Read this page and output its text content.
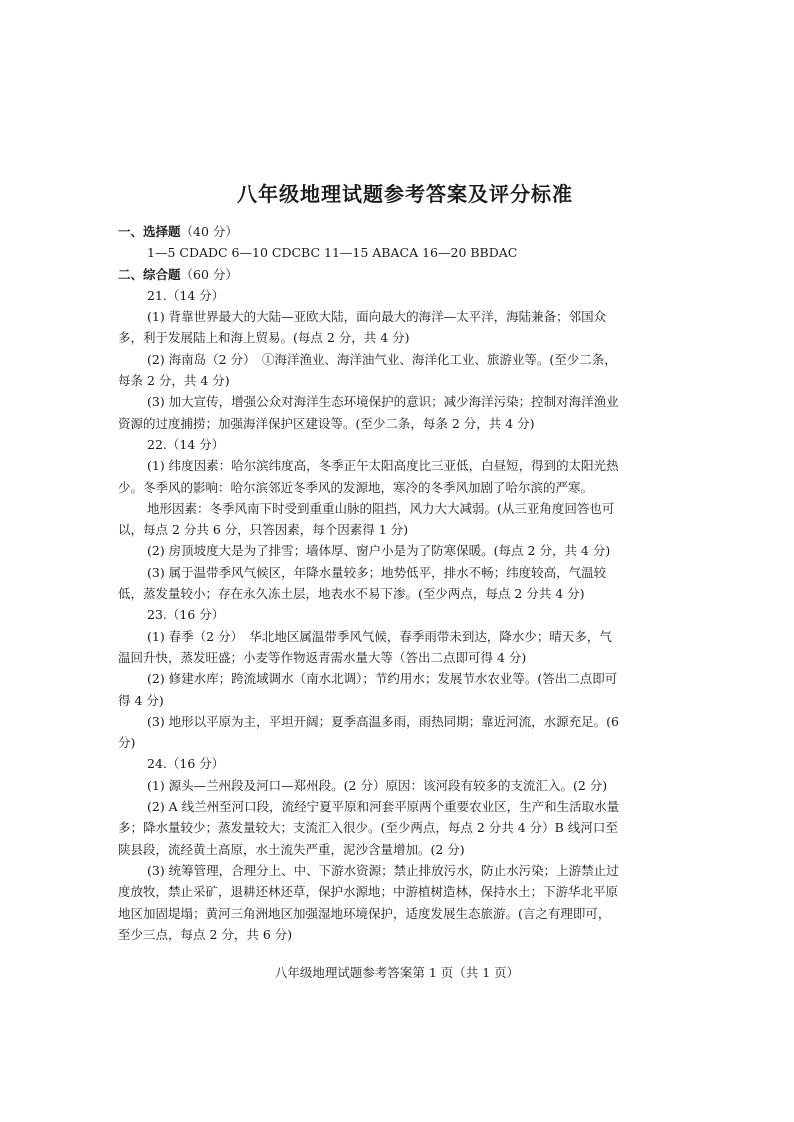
八年级地理试题参考答案及评分标准

一、选择题（40 分）

1—5 CDADC 6—10 CDCBC 11—15 ABACA 16—20 BBDAC

二、综合题（60 分）

21.（14 分）

(1) 背靠世界最大的大陆—亚欧大陆，面向最大的海洋—太平洋，海陆兼备；邻国众

多，利于发展陆上和海上贸易。(每点 2 分，共 4 分)

(2) 海南岛（2 分）　①海洋渔业、海洋油气业、海洋化工业、旅游业等。(至少二条，

每条 2 分，共 4 分)

(3) 加大宣传，增强公众对海洋生态环境保护的意识；减少海洋污染；控制对海洋渔业

资源的过度捕捞；加强海洋保护区建设等。(至少二条，每条 2 分，共 4 分)

22.（14 分）

(1) 纬度因素：哈尔滨纬度高，冬季正午太阳高度比三亚低，白昼短，得到的太阳光热

少。冬季风的影响：哈尔滨邻近冬季风的发源地，寒冷的冬季风加剧了哈尔滨的严寒。

地形因素：冬季风南下时受到重重山脉的阻挡，风力大大减弱。(从三亚角度回答也可

以，每点 2 分共 6 分，只答因素，每个因素得 1 分)

(2) 房顶坡度大是为了排雪；墙体厚、窗户小是为了防寒保暖。(每点 2 分，共 4 分)

(3) 属于温带季风气候区，年降水量较多；地势低平，排水不畅；纬度较高，气温较

低，蒸发量较小；存在永久冻土层，地表水不易下渗。(至少两点，每点 2 分共 4 分)

23.（16 分）

(1) 春季（2 分）　华北地区属温带季风气候，春季雨带未到达，降水少；晴天多，气

温回升快，蒸发旺盛；小麦等作物返青需水量大等（答出二点即可得 4 分)

(2) 修建水库；跨流域调水（南水北调）；节约用水；发展节水农业等。(答出二点即可

得 4 分)

(3) 地形以平原为主，平坦开阔；夏季高温多雨，雨热同期；靠近河流，水源充足。(6

分)

24.（16 分）

(1) 源头—兰州段及河口—郑州段。(2 分）原因：该河段有较多的支流汇入。(2 分)

(2) A 线兰州至河口段，流经宁夏平原和河套平原两个重要农业区，生产和生活取水量

多；降水量较少；蒸发量较大；支流汇入很少。(至少两点，每点 2 分共 4 分）B 线河口至

陕县段，流经黄土高原，水土流失严重，泥沙含量增加。(2 分)

(3) 统筹管理，合理分上、中、下游水资源；禁止排放污水，防止水污染；上游禁止过

度放牧，禁止采矿，退耕还林还草，保护水源地；中游植树造林，保持水土；下游华北平原

地区加固堤塌；黄河三角洲地区加强湿地环境保护，适度发展生态旅游。(言之有理即可，

至少三点，每点 2 分，共 6 分)

八年级地理试题参考答案第 1 页（共 1 页）
